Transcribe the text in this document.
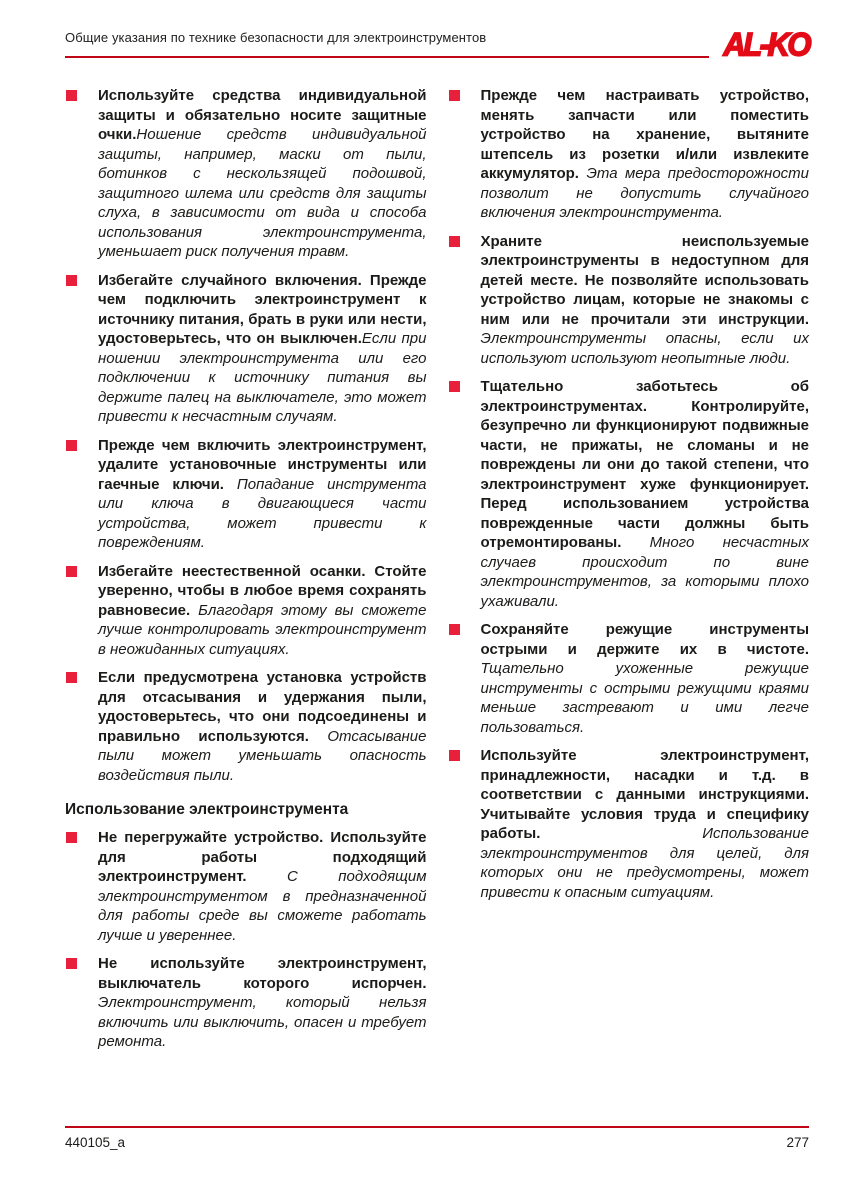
Общие указания по технике безопасности для электроинструментов	AL-KO
Используйте средства индивидуальной защиты и обязательно носите защитные очки.Ношение средств индивидуальной защиты, например, маски от пыли, ботинков с нескользящей подошвой, защитного шлема или средств для защиты слуха, в зависимости от вида и способа использования электроинструмента, уменьшает риск получения травм.
Избегайте случайного включения. Прежде чем подключить электроинструмент к источнику питания, брать в руки или нести, удостоверьтесь, что он выключен.Если при ношении электроинструмента или его подключении к источнику питания вы держите палец на выключателе, это может привести к несчастным случаям.
Прежде чем включить электроинструмент, удалите установочные инструменты или гаечные ключи. Попадание инструмента или ключа в двигающиеся части устройства, может привести к повреждениям.
Избегайте неестественной осанки. Стойте уверенно, чтобы в любое время сохранять равновесие. Благодаря этому вы сможете лучше контролировать электроинструмент в неожиданных ситуациях.
Если предусмотрена установка устройств для отсасывания и удержания пыли, удостоверьтесь, что они подсоединены и правильно используются. Отсасывание пыли может уменьшать опасность воздействия пыли.
Использование электроинструмента
Не перегружайте устройство. Используйте для работы подходящий электроинструмент. С подходящим электроинструментом в предназначенной для работы среде вы сможете работать лучше и увереннее.
Не используйте электроинструмент, выключатель которого испорчен. Электроинструмент, который нельзя включить или выключить, опасен и требует ремонта.
Прежде чем настраивать устройство, менять запчасти или поместить устройство на хранение, вытяните штепсель из розетки и/или извлеките аккумулятор. Эта мера предосторожности позволит не допустить случайного включения электроинструмента.
Храните неиспользуемые электроинструменты в недоступном для детей месте. Не позволяйте использовать устройство лицам, которые не знакомы с ним или не прочитали эти инструкции. Электроинструменты опасны, если их используют используют неопытные люди.
Тщательно заботьтесь об электроинструментах. Контролируйте, безупречно ли функционируют подвижные части, не прижаты, не сломаны и не повреждены ли они до такой степени, что электроинструмент хуже функционирует. Перед использованием устройства поврежденные части должны быть отремонтированы. Много несчастных случаев происходит по вине электроинструментов, за которыми плохо ухаживали.
Сохраняйте режущие инструменты острыми и держите их в чистоте. Тщательно ухоженные режущие инструменты с острыми режущими краями меньше застревают и ими легче пользоваться.
Используйте электроинструмент, принадлежности, насадки и т.д. в соответствии с данными инструкциями. Учитывайте условия труда и специфику работы. Использование электроинструментов для целей, для которых они не предусмотрены, может привести к опасным ситуациям.
440105_a	277
